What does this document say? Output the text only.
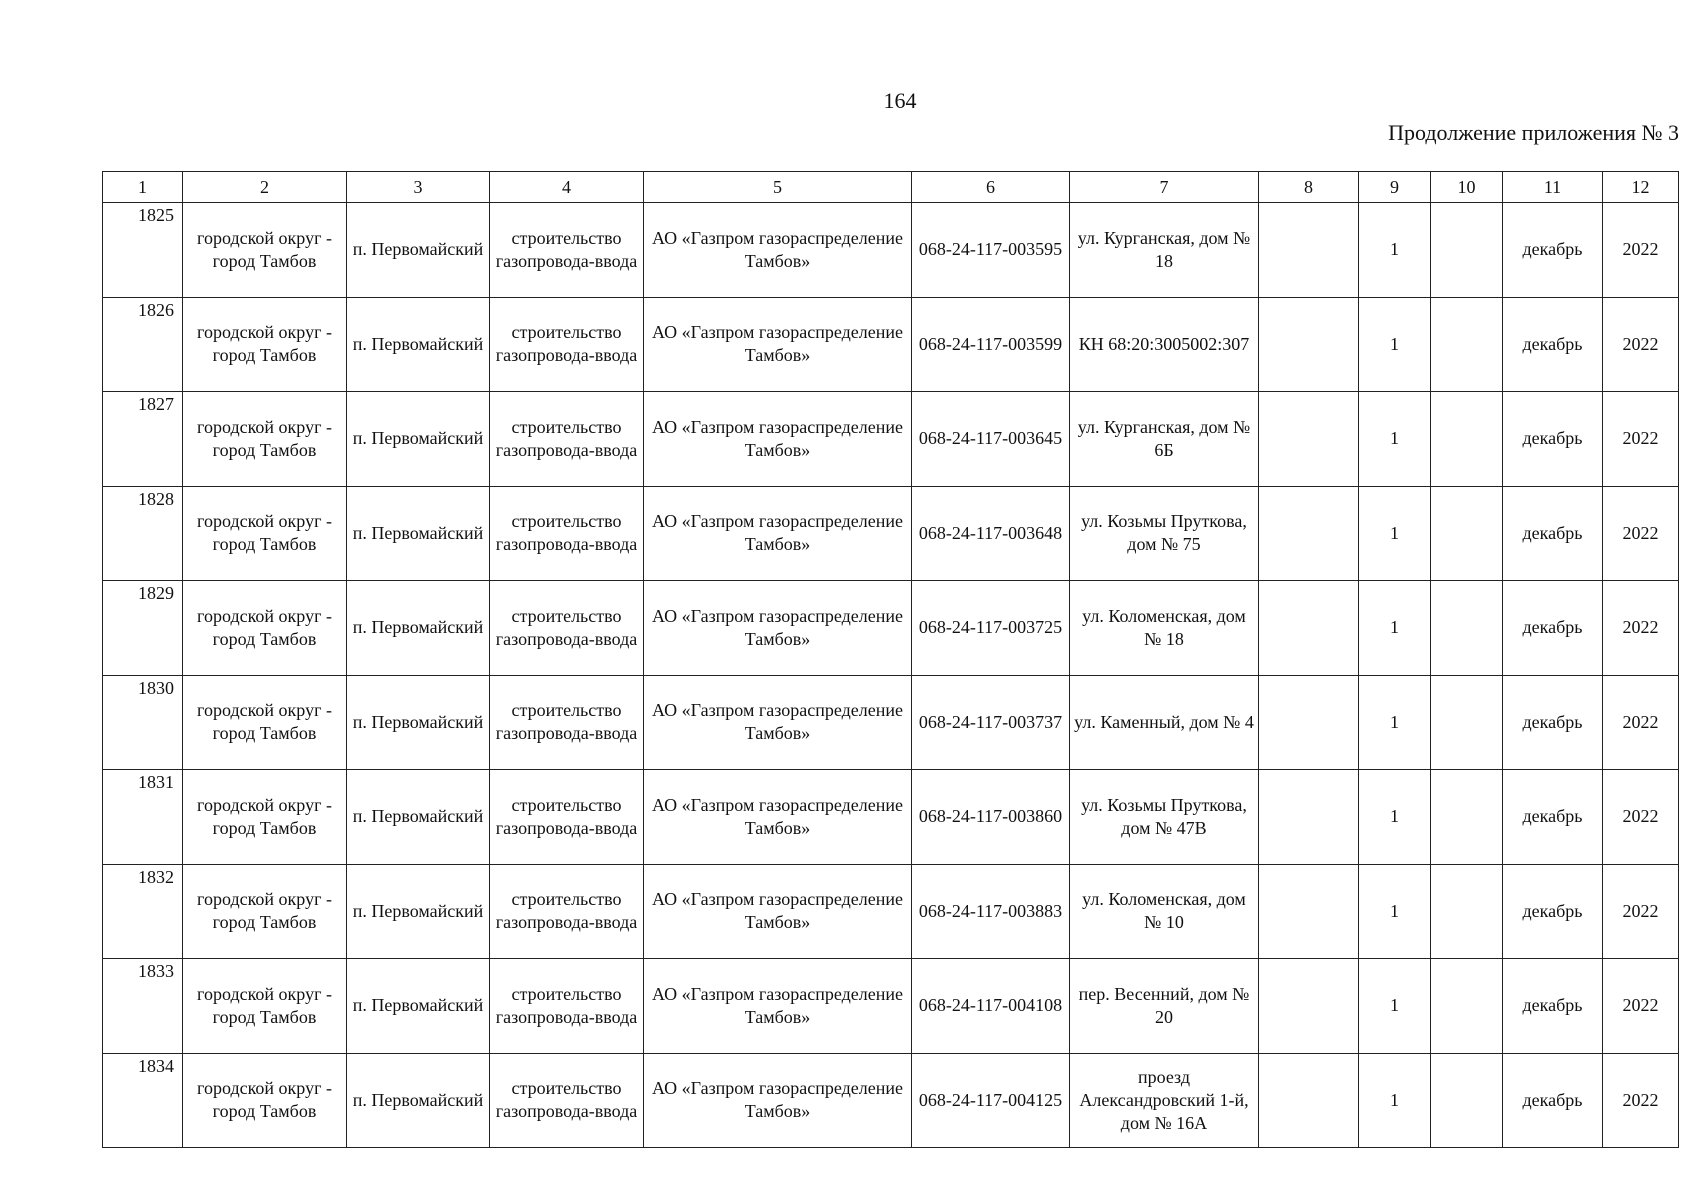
164
Продолжение приложения № 3
1	2	3	4	5	6	7	8	9	10	11	12
1825	городской округ - город Тамбов	п. Первомайский	строительство газопровода-ввода	АО «Газпром газораспределение Тамбов»	068-24-117-003595	ул. Курганская, дом № 18		1		декабрь	2022
1826	городской округ - город Тамбов	п. Первомайский	строительство газопровода-ввода	АО «Газпром газораспределение Тамбов»	068-24-117-003599	КН 68:20:3005002:307		1		декабрь	2022
1827	городской округ - город Тамбов	п. Первомайский	строительство газопровода-ввода	АО «Газпром газораспределение Тамбов»	068-24-117-003645	ул. Курганская, дом № 6Б		1		декабрь	2022
1828	городской округ - город Тамбов	п. Первомайский	строительство газопровода-ввода	АО «Газпром газораспределение Тамбов»	068-24-117-003648	ул. Козьмы Пруткова, дом № 75		1		декабрь	2022
1829	городской округ - город Тамбов	п. Первомайский	строительство газопровода-ввода	АО «Газпром газораспределение Тамбов»	068-24-117-003725	ул. Коломенская, дом № 18		1		декабрь	2022
1830	городской округ - город Тамбов	п. Первомайский	строительство газопровода-ввода	АО «Газпром газораспределение Тамбов»	068-24-117-003737	ул. Каменный, дом № 4		1		декабрь	2022
1831	городской округ - город Тамбов	п. Первомайский	строительство газопровода-ввода	АО «Газпром газораспределение Тамбов»	068-24-117-003860	ул. Козьмы Пруткова, дом № 47В		1		декабрь	2022
1832	городской округ - город Тамбов	п. Первомайский	строительство газопровода-ввода	АО «Газпром газораспределение Тамбов»	068-24-117-003883	ул. Коломенская, дом № 10		1		декабрь	2022
1833	городской округ - город Тамбов	п. Первомайский	строительство газопровода-ввода	АО «Газпром газораспределение Тамбов»	068-24-117-004108	пер. Весенний, дом № 20		1		декабрь	2022
1834	городской округ - город Тамбов	п. Первомайский	строительство газопровода-ввода	АО «Газпром газораспределение Тамбов»	068-24-117-004125	проезд Александровский 1-й, дом № 16А		1		декабрь	2022
